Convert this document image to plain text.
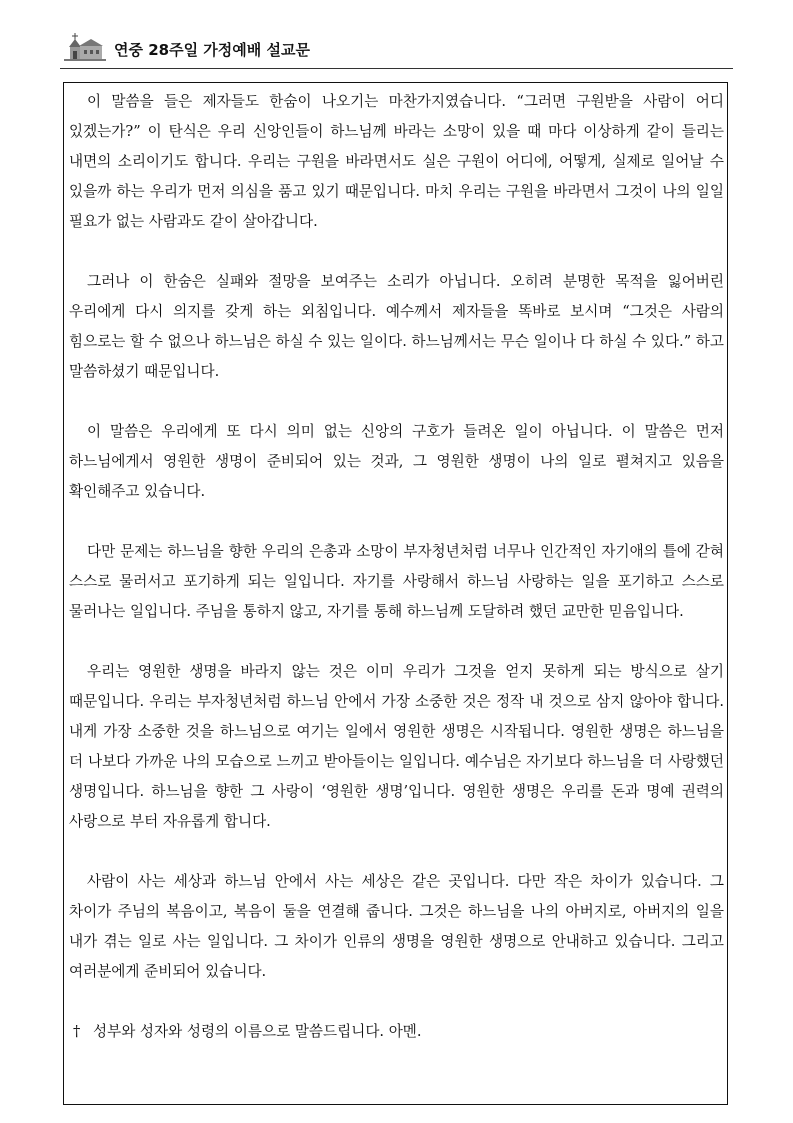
연중 28주일 가정예배 설교문

이 말씀을 들은 제자들도 한숨이 나오기는 마찬가지였습니다. “그러면 구원받을 사람이 어디 있겠는가?” 이 탄식은 우리 신앙인들이 하느님께 바라는 소망이 있을 때 마다 이상하게 같이 들리는 내면의 소리이기도 합니다. 우리는 구원을 바라면서도 실은 구원이 어디에, 어떻게, 실제로 일어날 수 있을까 하는 우리가 먼저 의심을 품고 있기 때문입니다. 마치 우리는 구원을 바라면서 그것이 나의 일일 필요가 없는 사람과도 같이 살아갑니다.

그러나 이 한숨은 실패와 절망을 보여주는 소리가 아닙니다. 오히려 분명한 목적을 잃어버린 우리에게 다시 의지를 갖게 하는 외침입니다. 예수께서 제자들을 똑바로 보시며 “그것은 사람의 힘으로는 할 수 없으나 하느님은 하실 수 있는 일이다. 하느님께서는 무슨 일이나 다 하실 수 있다.” 하고 말씀하셨기 때문입니다.

이 말씀은 우리에게 또 다시 의미 없는 신앙의 구호가 들려온 일이 아닙니다. 이 말씀은 먼저 하느님에게서 영원한 생명이 준비되어 있는 것과, 그 영원한 생명이 나의 일로 펼쳐지고 있음을 확인해주고 있습니다.

다만 문제는 하느님을 향한 우리의 은총과 소망이 부자청년처럼 너무나 인간적인 자기애의 틀에 갇혀 스스로 물러서고 포기하게 되는 일입니다. 자기를 사랑해서 하느님 사랑하는 일을 포기하고 스스로 물러나는 일입니다. 주님을 통하지 않고, 자기를 통해 하느님께 도달하려 했던 교만한 믿음입니다.

우리는 영원한 생명을 바라지 않는 것은 이미 우리가 그것을 얻지 못하게 되는 방식으로 살기 때문입니다. 우리는 부자청년처럼 하느님 안에서 가장 소중한 것은 정작 내 것으로 삼지 않아야 합니다. 내게 가장 소중한 것을 하느님으로 여기는 일에서 영원한 생명은 시작됩니다. 영원한 생명은 하느님을 더 나보다 가까운 나의 모습으로 느끼고 받아들이는 일입니다. 예수님은 자기보다 하느님을 더 사랑했던 생명입니다. 하느님을 향한 그 사랑이 ‘영원한 생명’입니다. 영원한 생명은 우리를 돈과 명예 권력의 사랑으로 부터 자유롭게 합니다.

사람이 사는 세상과 하느님 안에서 사는 세상은 같은 곳입니다. 다만 작은 차이가 있습니다. 그 차이가 주님의 복음이고, 복음이 둘을 연결해 줍니다. 그것은 하느님을 나의 아버지로, 아버지의 일을 내가 겪는 일로 사는 일입니다. 그 차이가 인류의 생명을 영원한 생명으로 안내하고 있습니다. 그리고 여러분에게 준비되어 있습니다.

† 성부와 성자와 성령의 이름으로 말씀드립니다. 아멘.
